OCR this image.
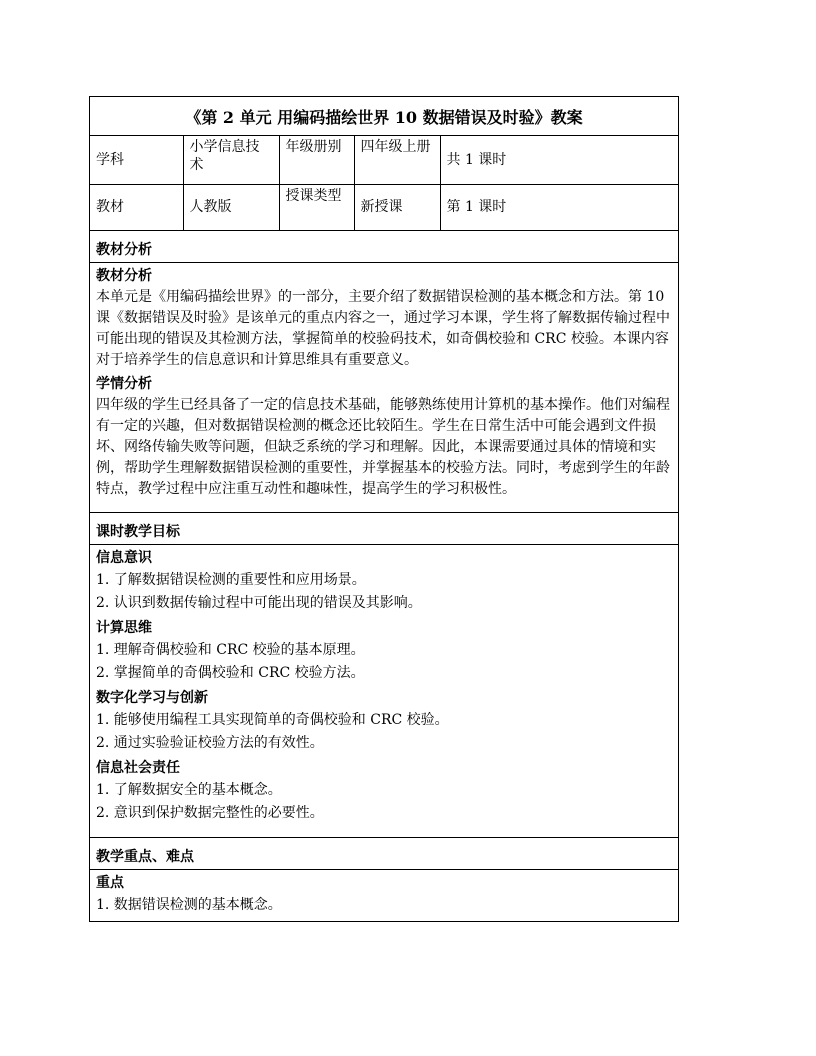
《第 2 单元 用编码描绘世界 10 数据错误及时验》教案
学科	小学信息技术	年级册别	四年级上册	共 1 课时
教材	人教版	授课类型	新授课	第 1 课时
教材分析
教材分析
本单元是《用编码描绘世界》的一部分，主要介绍了数据错误检测的基本概念和方法。第 10 课《数据错误及时验》是该单元的重点内容之一，通过学习本课，学生将了解数据传输过程中可能出现的错误及其检测方法，掌握简单的校验码技术，如奇偶校验和 CRC 校验。本课内容对于培养学生的信息意识和计算思维具有重要意义。
学情分析
四年级的学生已经具备了一定的信息技术基础，能够熟练使用计算机的基本操作。他们对编程有一定的兴趣，但对数据错误检测的概念还比较陌生。学生在日常生活中可能会遇到文件损坏、网络传输失败等问题，但缺乏系统的学习和理解。因此，本课需要通过具体的情境和实例，帮助学生理解数据错误检测的重要性，并掌握基本的校验方法。同时，考虑到学生的年龄特点，教学过程中应注重互动性和趣味性，提高学生的学习积极性。
课时教学目标
信息意识
1. 了解数据错误检测的重要性和应用场景。
2. 认识到数据传输过程中可能出现的错误及其影响。
计算思维
1. 理解奇偶校验和 CRC 校验的基本原理。
2. 掌握简单的奇偶校验和 CRC 校验方法。
数字化学习与创新
1. 能够使用编程工具实现简单的奇偶校验和 CRC 校验。
2. 通过实验验证校验方法的有效性。
信息社会责任
1. 了解数据安全的基本概念。
2. 意识到保护数据完整性的必要性。
教学重点、难点
重点
1. 数据错误检测的基本概念。
